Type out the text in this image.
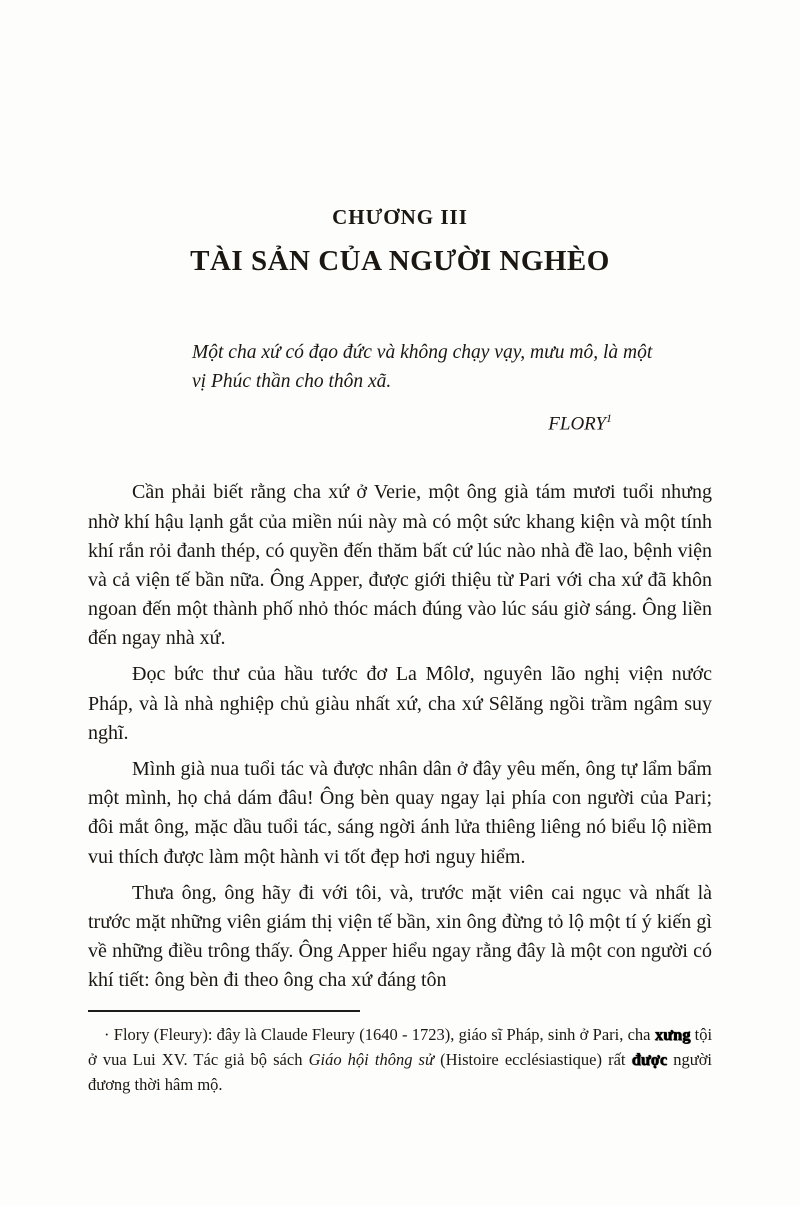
CHƯƠNG III
TÀI SẢN CỦA NGƯỜI NGHÈO
Một cha xứ có đạo đức và không chạy vạy, mưu mô, là một vị Phúc thần cho thôn xã.
FLORY$^1$

Cần phải biết rằng cha xứ ở Verie, một ông già tám mươi tuổi nhưng nhờ khí hậu lạnh gắt của miền núi này mà có một sức khang kiện và một tính khí rắn rỏi đanh thép, có quyền đến thăm bất cứ lúc nào nhà đề lao, bệnh viện và cả viện tế bần nữa. Ông Apper, được giới thiệu từ Pari với cha xứ đã khôn ngoan đến một thành phố nhỏ thóc mách đúng vào lúc sáu giờ sáng. Ông liền đến ngay nhà xứ.

Đọc bức thư của hầu tước đơ La Môlơ, nguyên lão nghị viện nước Pháp, và là nhà nghiệp chủ giàu nhất xứ, cha xứ Sêlăng ngồi trầm ngâm suy nghĩ.

Mình già nua tuổi tác và được nhân dân ở đây yêu mến, ông tự lẩm bẩm một mình, họ chả dám đâu! Ông bèn quay ngay lại phía con người của Pari; đôi mắt ông, mặc dầu tuổi tác, sáng ngời ánh lửa thiêng liêng nó biểu lộ niềm vui thích được làm một hành vi tốt đẹp hơi nguy hiểm.

Thưa ông, ông hãy đi với tôi, và, trước mặt viên cai ngục và nhất là trước mặt những viên giám thị viện tế bần, xin ông đừng tỏ lộ một tí ý kiến gì về những điều trông thấy. Ông Apper hiểu ngay rằng đây là một con người có khí tiết: ông bèn đi theo ông cha xứ đáng tôn

· Flory (Fleury): đây là Claude Fleury (1640 - 1723), giáo sĩ Pháp, sinh ở Pari, cha xưng tội ở vua Lui XV. Tác giả bộ sách Giáo hội thông sử (Histoire ecclésiastique) rất được người đương thời hâm mộ.
